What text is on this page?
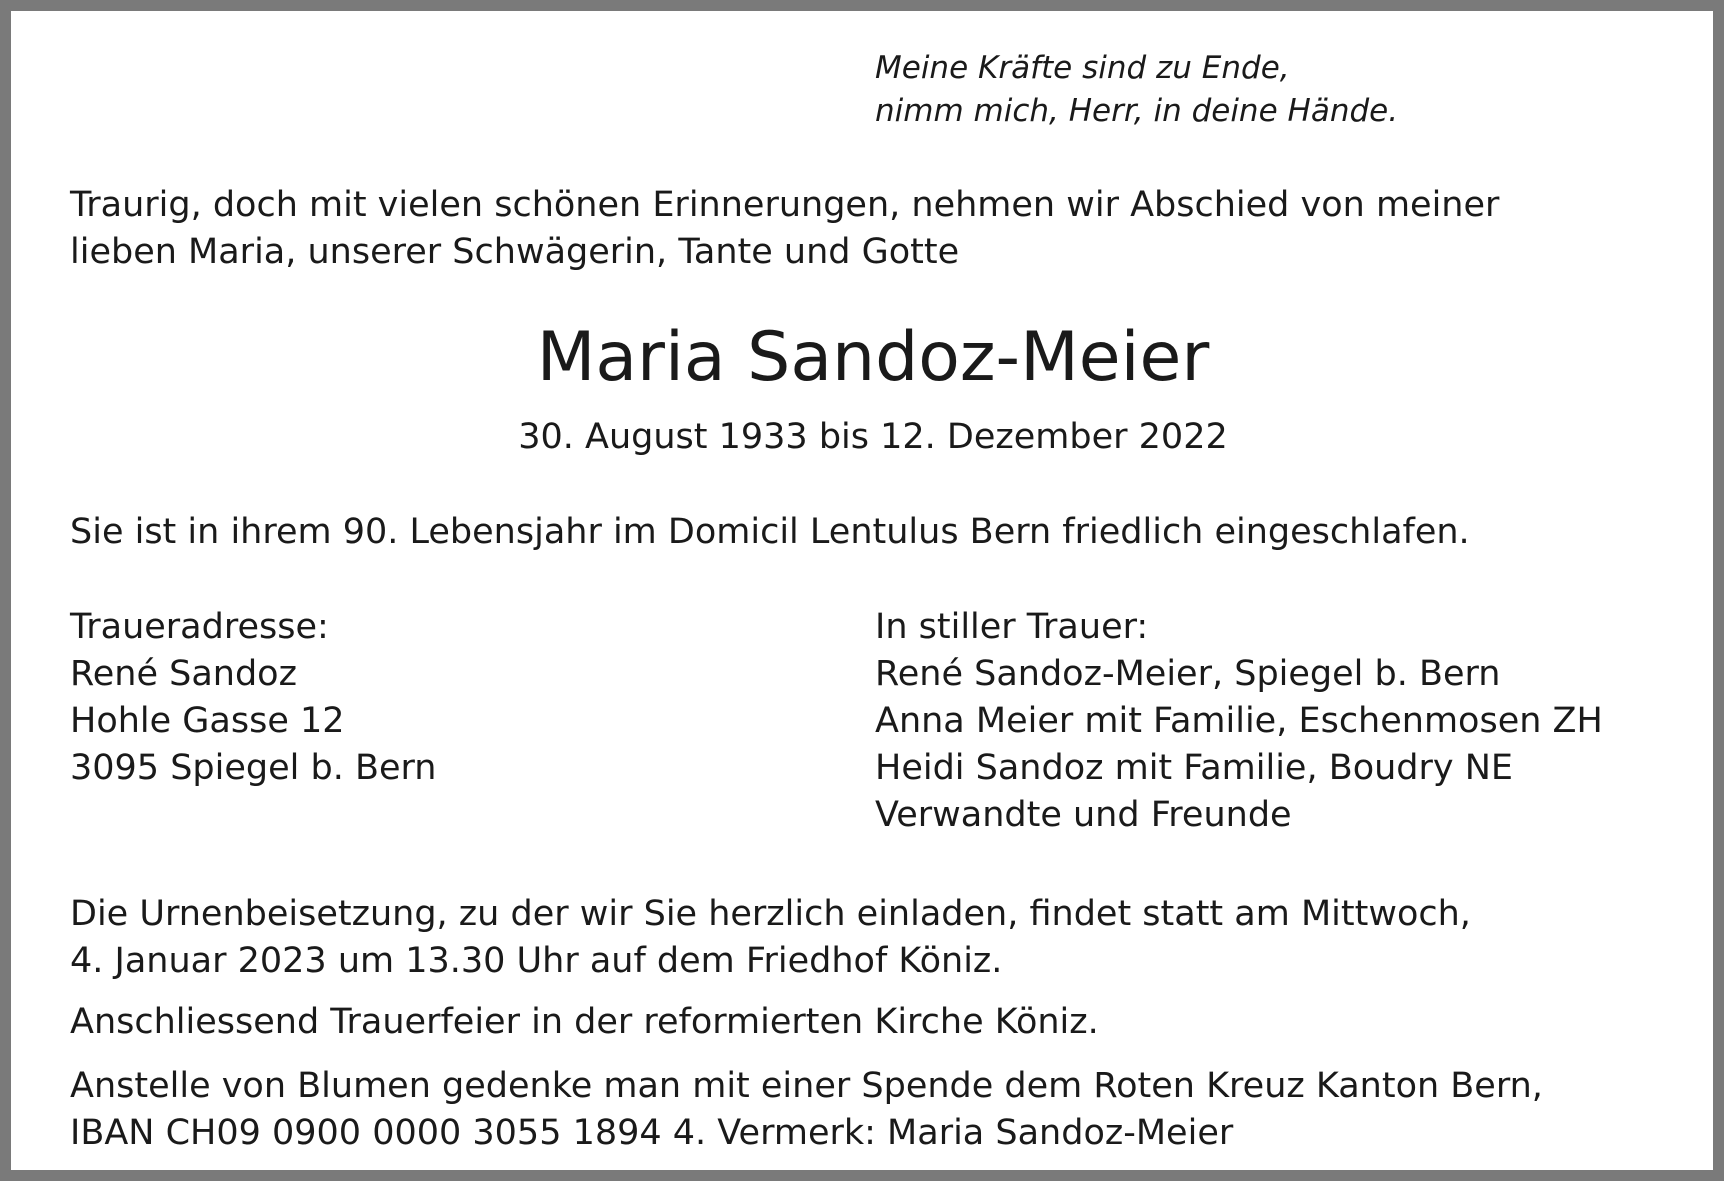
Meine Kräfte sind zu Ende,
nimm mich, Herr, in deine Hände.
Traurig, doch mit vielen schönen Erinnerungen, nehmen wir Abschied von meiner
lieben Maria, unserer Schwägerin, Tante und Gotte
Maria Sandoz-Meier
30. August 1933 bis 12. Dezember 2022
Sie ist in ihrem 90. Lebensjahr im Domicil Lentulus Bern friedlich eingeschlafen.
Traueradresse:
René Sandoz
Hohle Gasse 12
3095 Spiegel b. Bern
In stiller Trauer:
René Sandoz-Meier, Spiegel b. Bern
Anna Meier mit Familie, Eschenmosen ZH
Heidi Sandoz mit Familie, Boudry NE
Verwandte und Freunde
Die Urnenbeisetzung, zu der wir Sie herzlich einladen, findet statt am Mittwoch,
4. Januar 2023 um 13.30 Uhr auf dem Friedhof Köniz.
Anschliessend Trauerfeier in der reformierten Kirche Köniz.
Anstelle von Blumen gedenke man mit einer Spende dem Roten Kreuz Kanton Bern,
IBAN CH09 0900 0000 3055 1894 4. Vermerk: Maria Sandoz-Meier
